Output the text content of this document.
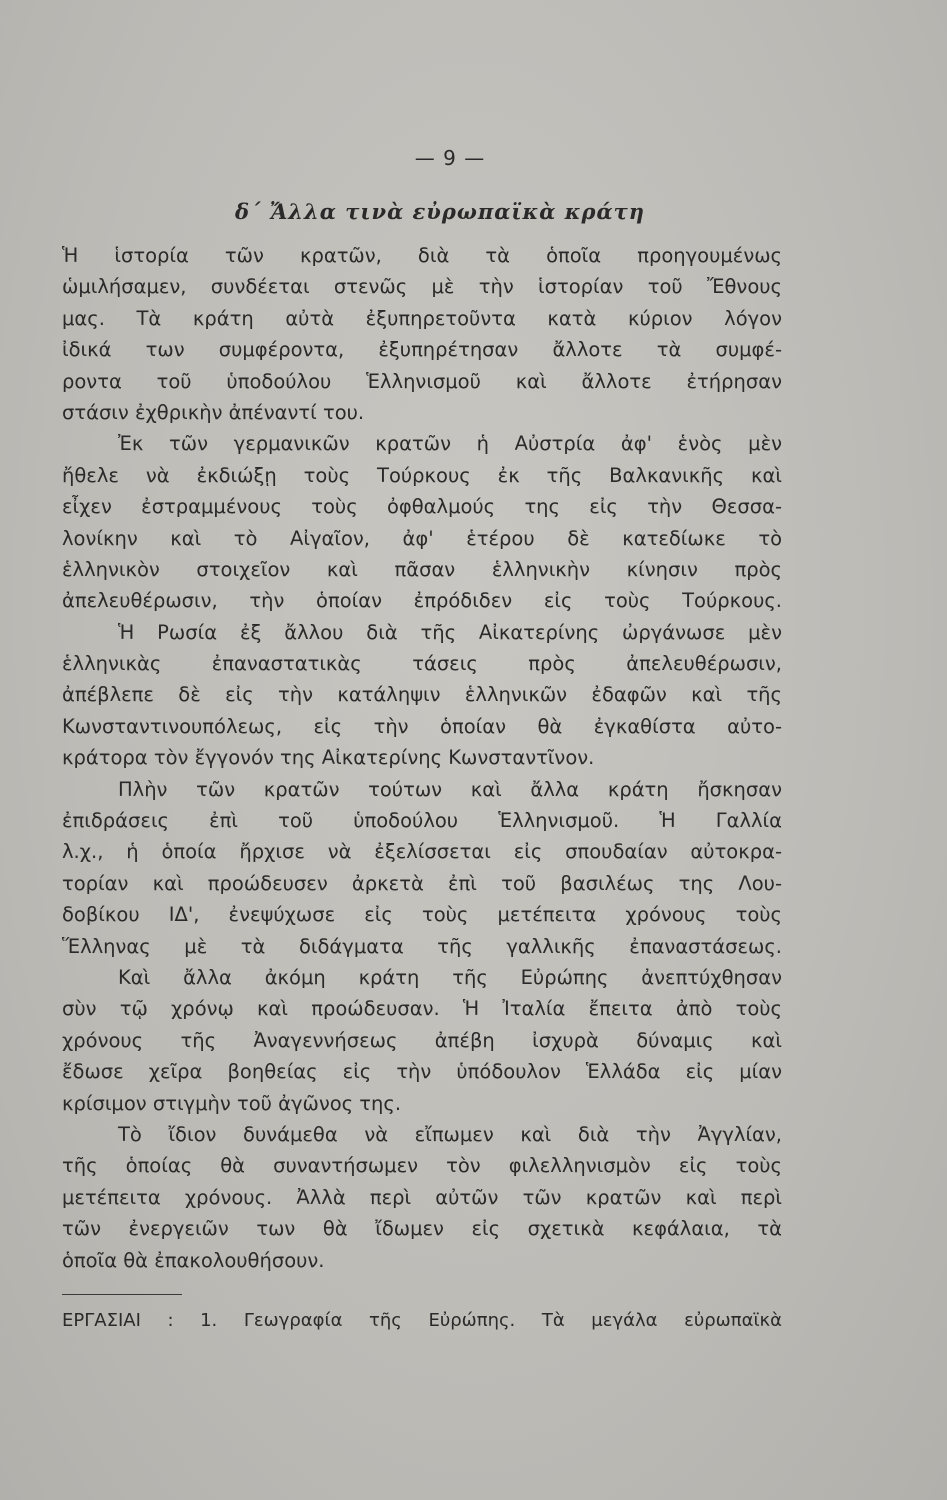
— 9 —
δ΄ Ἄλλα τινὰ εὐρωπαϊκὰ κράτη
Ἡ ἱστορία τῶν κρατῶν, διὰ τὰ ὁποῖα προηγουμένως
ὡμιλήσαμεν, συνδέεται στενῶς μὲ τὴν ἱστορίαν τοῦ Ἔθνους
μας. Τὰ κράτη αὐτὰ ἐξυπηρετοῦντα κατὰ κύριον λόγον
ἰδικά των συμφέροντα, ἐξυπηρέτησαν ἄλλοτε τὰ συμφέ-
ροντα τοῦ ὑποδούλου Ἑλληνισμοῦ καὶ ἄλλοτε ἐτήρησαν
στάσιν ἐχθρικὴν ἀπέναντί του.
Ἐκ τῶν γερμανικῶν κρατῶν ἡ Αὐστρία ἀφ' ἑνὸς μὲν
ἤθελε νὰ ἐκδιώξῃ τοὺς Τούρκους ἐκ τῆς Βαλκανικῆς καὶ
εἶχεν ἐστραμμένους τοὺς ὀφθαλμούς της εἰς τὴν Θεσσα-
λονίκην καὶ τὸ Αἰγαῖον, ἀφ' ἑτέρου δὲ κατεδίωκε τὸ
ἑλληνικὸν στοιχεῖον καὶ πᾶσαν ἑλληνικὴν κίνησιν πρὸς
ἀπελευθέρωσιν, τὴν ὁποίαν ἐπρόδιδεν εἰς τοὺς Τούρκους.
Ἡ Ρωσία ἐξ ἄλλου διὰ τῆς Αἰκατερίνης ὠργάνωσε μὲν
ἑλληνικὰς ἐπαναστατικὰς τάσεις πρὸς ἀπελευθέρωσιν,
ἀπέβλεπε δὲ εἰς τὴν κατάληψιν ἑλληνικῶν ἐδαφῶν καὶ τῆς
Κωνσταντινουπόλεως, εἰς τὴν ὁποίαν θὰ ἐγκαθίστα αὐτο-
κράτορα τὸν ἔγγονόν της Αἰκατερίνης Κωνσταντῖνον.
Πλὴν τῶν κρατῶν τούτων καὶ ἄλλα κράτη ἤσκησαν
ἐπιδράσεις ἐπὶ τοῦ ὑποδούλου Ἑλληνισμοῦ. Ἡ Γαλλία
λ.χ., ἡ ὁποία ἤρχισε νὰ ἐξελίσσεται εἰς σπουδαίαν αὐτοκρα-
τορίαν καὶ προώδευσεν ἀρκετὰ ἐπὶ τοῦ βασιλέως της Λου-
δοβίκου ΙΔ', ἐνεψύχωσε εἰς τοὺς μετέπειτα χρόνους τοὺς
Ἕλληνας μὲ τὰ διδάγματα τῆς γαλλικῆς ἐπαναστάσεως.
Καὶ ἄλλα ἀκόμη κράτη τῆς Εὐρώπης ἀνεπτύχθησαν
σὺν τῷ χρόνῳ καὶ προώδευσαν. Ἡ Ἰταλία ἔπειτα ἀπὸ τοὺς
χρόνους τῆς Ἀναγεννήσεως ἀπέβη ἰσχυρὰ δύναμις καὶ
ἔδωσε χεῖρα βοηθείας εἰς τὴν ὑπόδουλον Ἑλλάδα εἰς μίαν
κρίσιμον στιγμὴν τοῦ ἀγῶνος της.
Τὸ ἴδιον δυνάμεθα νὰ εἴπωμεν καὶ διὰ τὴν Ἀγγλίαν,
τῆς ὁποίας θὰ συναντήσωμεν τὸν φιλελληνισμὸν εἰς τοὺς
μετέπειτα χρόνους. Ἀλλὰ περὶ αὐτῶν τῶν κρατῶν καὶ περὶ
τῶν ἐνεργειῶν των θὰ ἴδωμεν εἰς σχετικὰ κεφάλαια, τὰ
ὁποῖα θὰ ἐπακολουθήσουν.
ΕΡΓΑΣΙΑΙ : 1. Γεωγραφία τῆς Εὐρώπης. Τὰ μεγάλα εὐρωπαϊκὰ
